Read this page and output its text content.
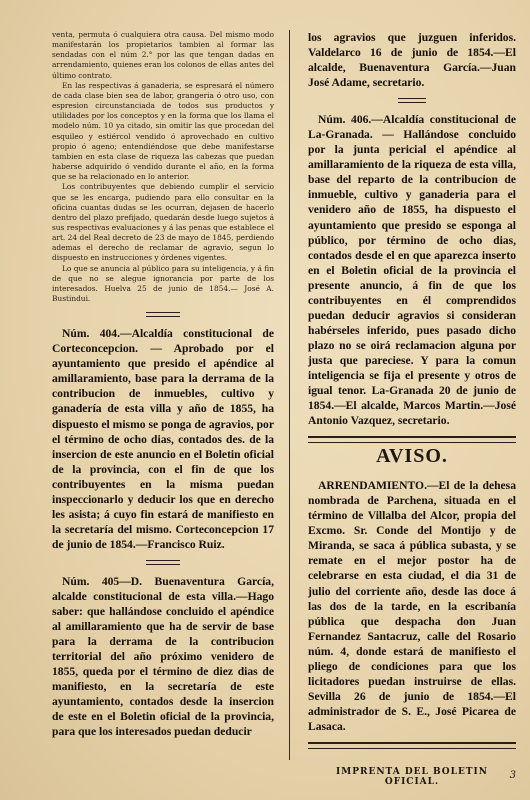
venta, permuta ó cualquiera otra causa. Del mismo modo manifestarán los propietarios tambien al formar las sendadas con el núm 2.° por las que tengan dadas en arrendamiento, quienes eran los colonos de ellas antes del último contrato.

En las respectivas á ganaderia, se espresará el número de cada clase bien sea de labor, grangeria ó otro uso, con espresion circunstanciada de todos sus productos y utilidades por los conceptos y en la forma que los llama el modelo núm. 10 ya citado, sin omitir las que procedan del esquileo y estiércol vendido ó aprovechado en cultivo propio ó ageno; entendiéndose que debe manifestarse tambien en esta clase de riqueza las cabezas que puedan haberse adquirido ó vendido durante el año, en la forma que se ha relacionado en lo anterior.

Los contribuyentes que debiendo cumplir el servicio que se les encarga, pudiendo para ello consultar en la oficina cuantas dudas se les ocurran, dejasen de hacerlo dentro del plazo prefijado, quedarán desde luego sujetos á sus respectivas evaluaciones y á las penas que establece el art. 24 del Real decreto de 23 de mayo de 1845, perdiendo ademas el derecho de reclamar de agravio, segun lo dispuesto en instrucciones y órdenes vigentes.

Lo que se anuncia al público para su inteligencia, y á fin de que no se alegue ignorancia por parte de los interesados. Huelva 25 de junio de 1854.— José A. Bustindui.

Núm. 404.—Alcaldía constitucional de Corteconcepcion. — Aprobado por el ayuntamiento que presido el apéndice al amillaramiento, base para la derrama de la contribucion de inmuebles, cultivo y ganadería de esta villa y año de 1855, ha dispuesto el mismo se ponga de agravios, por el término de ocho dias, contados des. de la insercion de este anuncio en el Boletin oficial de la provincia, con el fin de que los contribuyentes en la misma puedan inspeccionarlo y deducir los que en derecho les asista; á cuyo fin estará de manifiesto en la secretaría del mismo. Corteconcepcion 17 de junio de 1854.—Francisco Ruiz.

Núm. 405—D. Buenaventura García, alcalde constitucional de esta villa.—Hago saber: que hallándose concluido el apéndice al amillaramiento que ha de servir de base para la derrama de la contribucion territorial del año próximo venidero de 1855, queda por el término de diez dias de manifiesto, en la secretaría de este ayuntamiento, contados desde la insercion de este en el Boletin oficial de la provincia, para que los interesados puedan deducir

los agravios que juzguen inferidos. Valdelarco 16 de junio de 1854.—El alcalde, Buenaventura García.—Juan José Adame, secretario.

Núm. 406.—Alcaldía constitucional de La-Granada. — Hallándose concluido por la junta pericial el apéndice al amillaramiento de la riqueza de esta villa, base del reparto de la contribucion de inmueble, cultivo y ganaderia para el venidero año de 1855, ha dispuesto el ayuntamiento que presido se esponga al público, por término de ocho dias, contados desde el en que aparezca inserto en el Boletin oficial de la provincia el presente anuncio, á fin de que los contribuyentes en él comprendidos puedan deducir agravios si consideran habérseles inferido, pues pasado dicho plazo no se oirá reclamacion alguna por justa que pareciese. Y para la comun inteligencia se fija el presente y otros de igual tenor. La-Granada 20 de junio de 1854.—El alcalde, Marcos Martin.—José Antonio Vazquez, secretario.

AVISO.

ARRENDAMIENTO.—El de la dehesa nombrada de Parchena, situada en el término de Villalba del Alcor, propia del Excmo. Sr. Conde del Montijo y de Miranda, se saca á pública subasta, y se remate en el mejor postor ha de celebrarse en esta ciudad, el dia 31 de julio del corriente año, desde las doce á las dos de la tarde, en la escribanía pública que despacha don Juan Fernandez Santacruz, calle del Rosario núm. 4, donde estará de manifiesto el pliego de condiciones para que los licitadores puedan instruirse de ellas. Sevilla 26 de junio de 1854.—El administrador de S. E., José Picarea de Lasaca.

IMPRENTA DEL BOLETIN OFICIAL.
3
